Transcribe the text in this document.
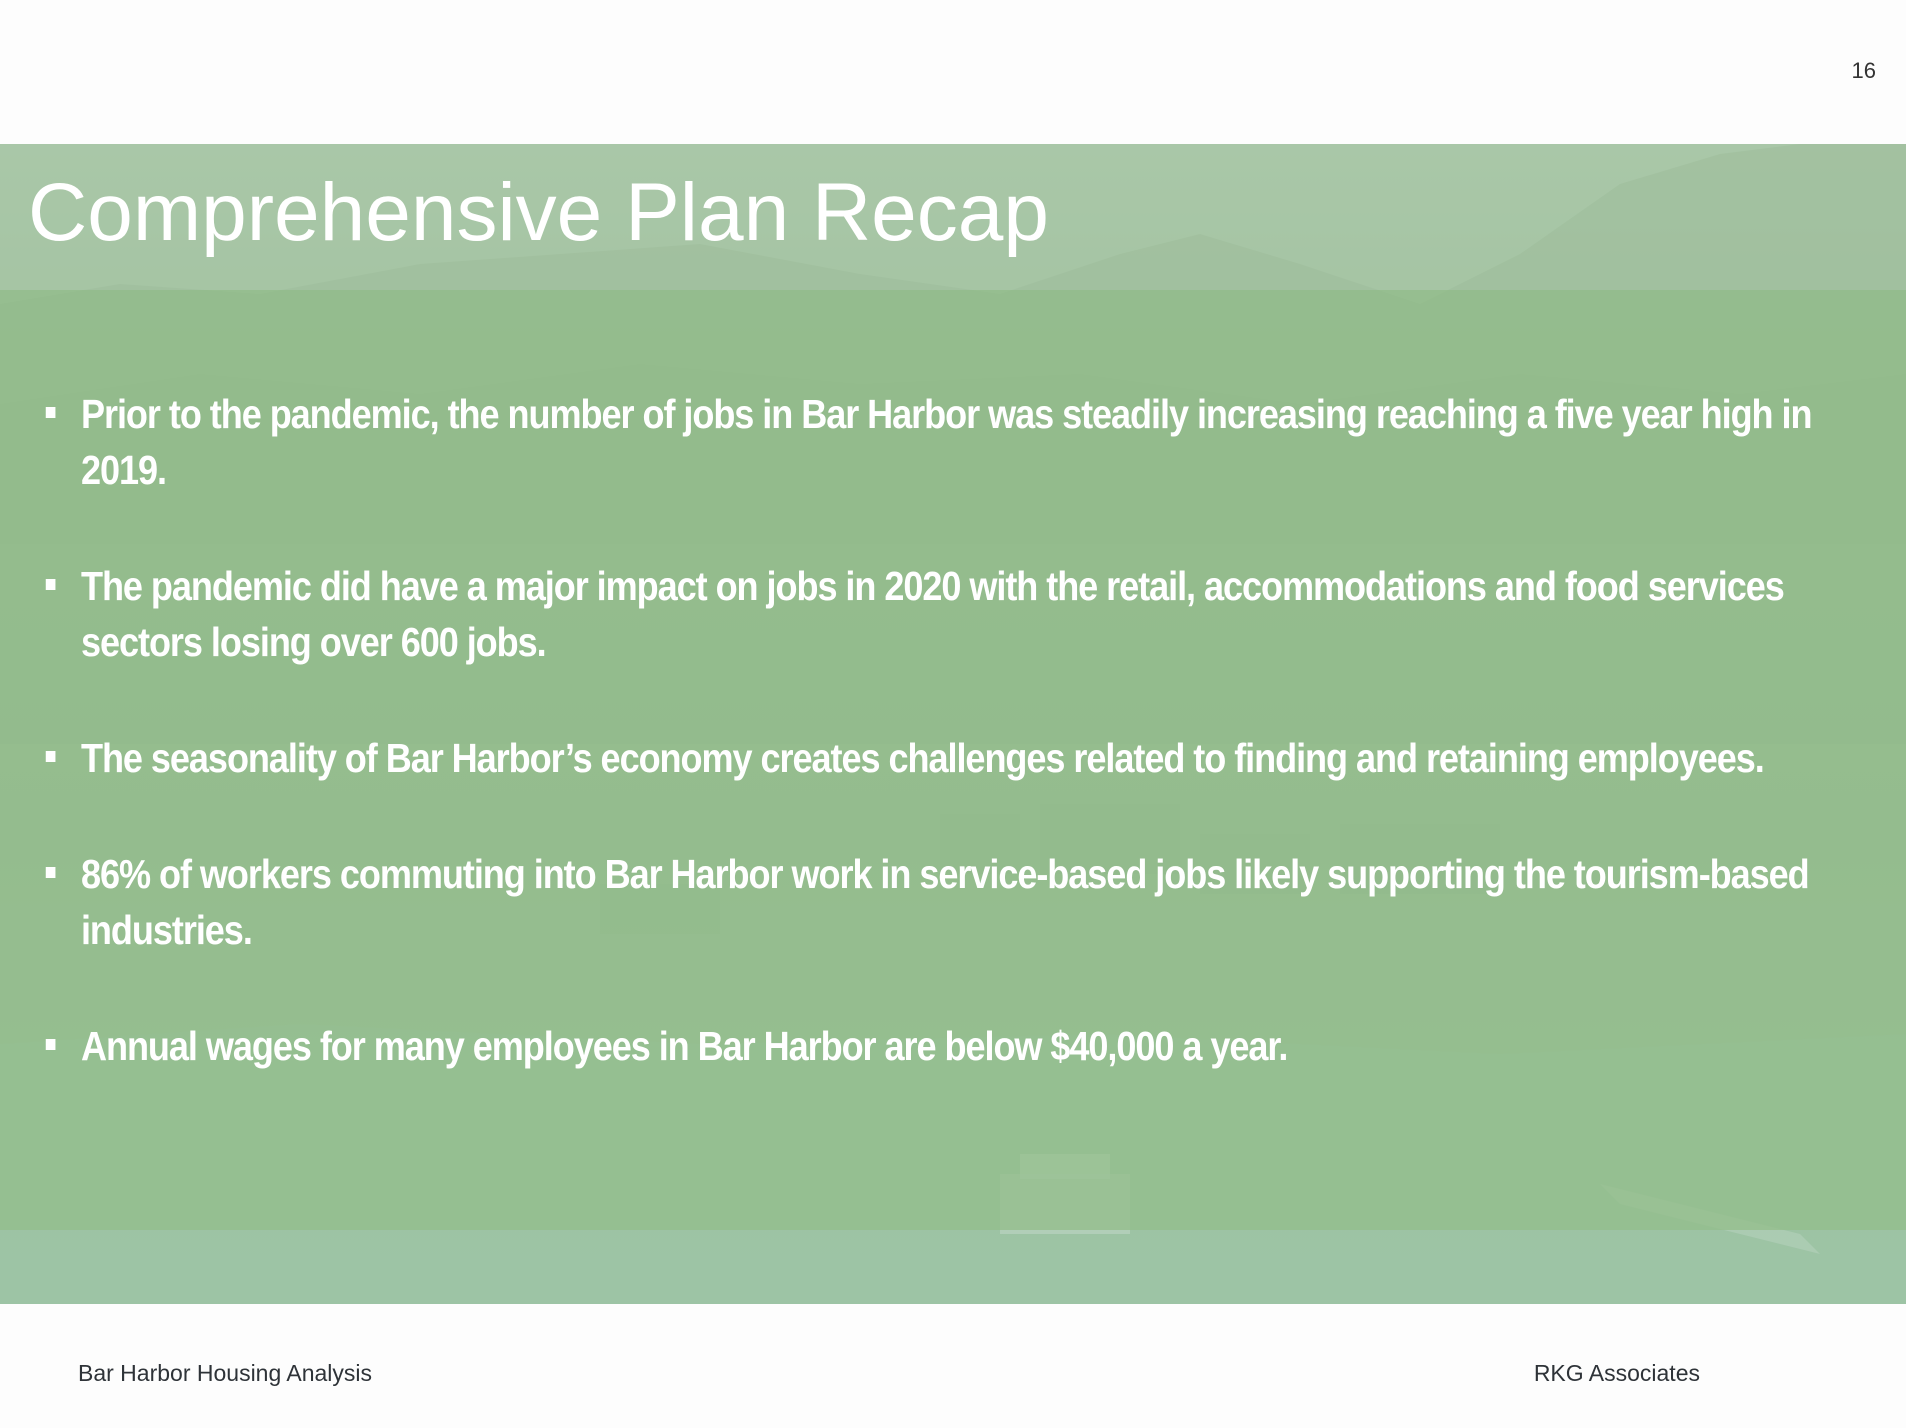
16
Comprehensive Plan Recap
Prior to the pandemic, the number of jobs in Bar Harbor was steadily increasing reaching a five year high in 2019.
The pandemic did have a major impact on jobs in 2020 with the retail, accommodations and food services sectors losing over 600 jobs.
The seasonality of Bar Harbor’s economy creates challenges related to finding and retaining employees.
86% of workers commuting into Bar Harbor work in service-based jobs likely supporting the tourism-based industries.
Annual wages for many employees in Bar Harbor are below $40,000 a year.
Bar Harbor Housing Analysis	RKG Associates
